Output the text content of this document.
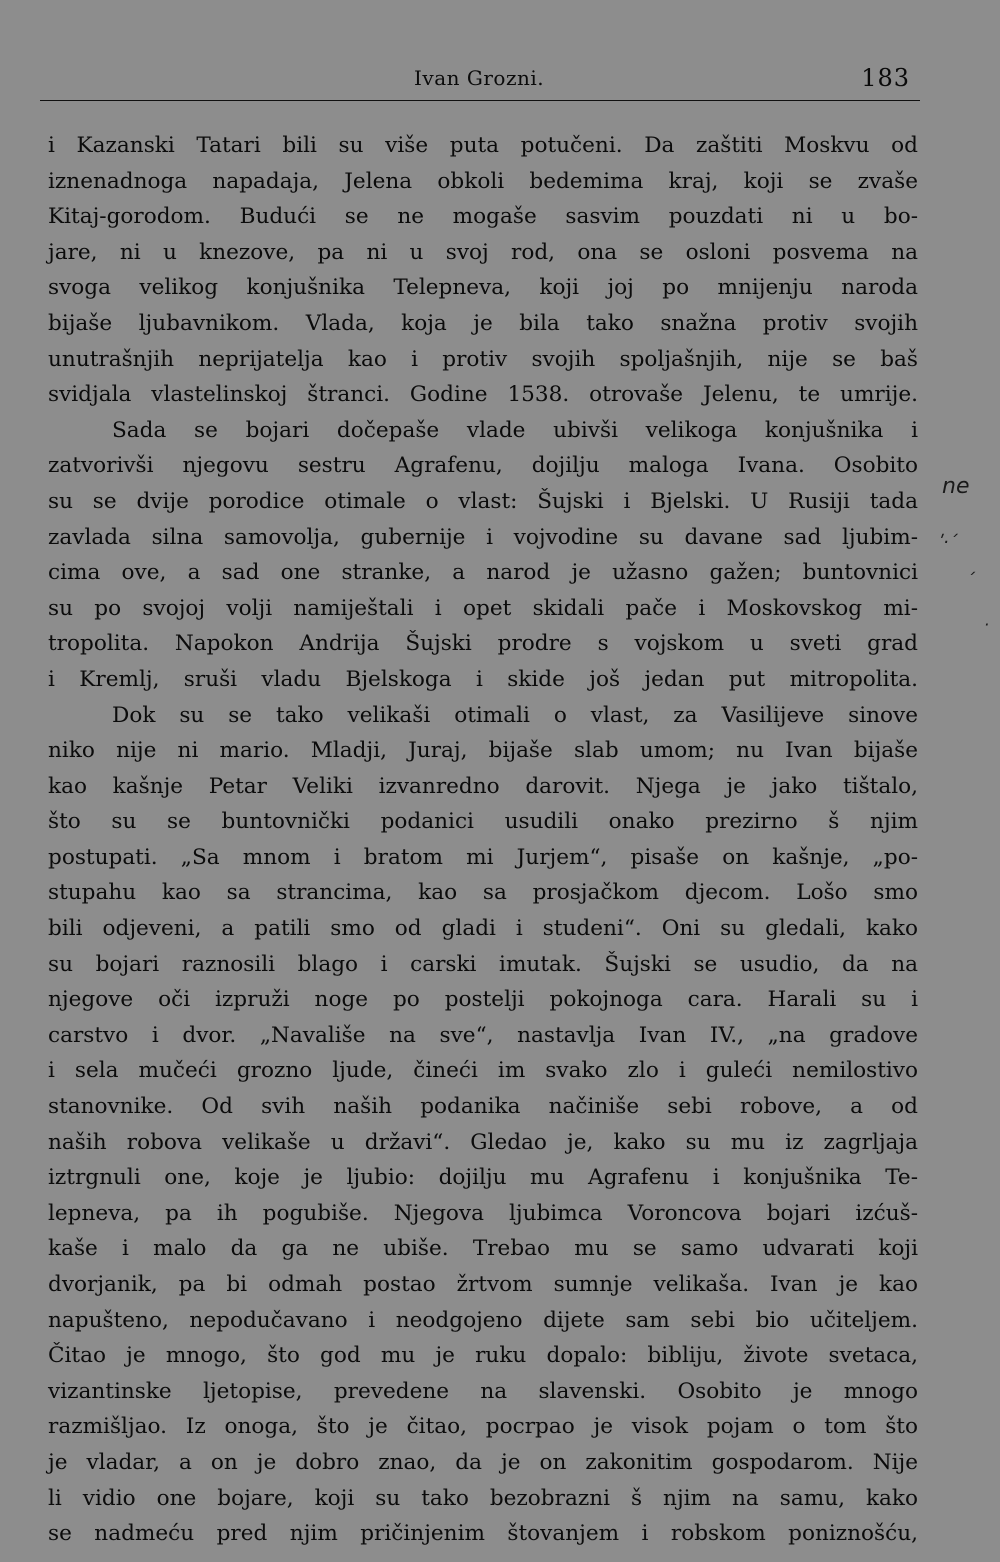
Ivan Grozni.	183
i Kazanski Tatari bili su više puta potučeni. Da zaštiti Moskvu od
iznenadnoga napadaja, Jelena obkoli bedemima kraj, koji se zvaše
Kitaj-gorodom. Budući se ne mogaše sasvim pouzdati ni u bo-
jare, ni u knezove, pa ni u svoj rod, ona se osloni posvema na
svoga velikog konjušnika Telepneva, koji joj po mnijenju naroda
bijaše ljubavnikom. Vlada, koja je bila tako snažna protiv svojih
unutrašnjih neprijatelja kao i protiv svojih spoljašnjih, nije se baš
svidjala vlastelinskoj štranci. Godine 1538. otrovaše Jelenu, te umrije.
Sada se bojari dočepaše vlade ubivši velikoga konjušnika i
zatvorivši njegovu sestru Agrafenu, dojilju maloga Ivana. Osobito
su se dvije porodice otimale o vlast: Šujski i Bjelski. U Rusiji tada
zavlada silna samovolja, gubernije i vojvodine su davane sad ljubim-
cima ove, a sad one stranke, a narod je užasno gažen; buntovnici
su po svojoj volji namiještali i opet skidali pače i Moskovskog mi-
tropolita. Napokon Andrija Šujski prodre s vojskom u sveti grad
i Kremlj, sruši vladu Bjelskoga i skide još jedan put mitropolita.
Dok su se tako velikaši otimali o vlast, za Vasilijeve sinove
niko nije ni mario. Mladji, Juraj, bijaše slab umom; nu Ivan bijaše
kao kašnje Petar Veliki izvanredno darovit. Njega je jako tištalo,
što su se buntovnički podanici usudili onako prezirno š njim
postupati. „Sa mnom i bratom mi Jurjem“, pisaše on kašnje, „po-
stupahu kao sa strancima, kao sa prosjačkom djecom. Lošo smo
bili odjeveni, a patili smo od gladi i studeni“. Oni su gledali, kako
su bojari raznosili blago i carski imutak. Šujski se usudio, da na
njegove oči izpruži noge po postelji pokojnoga cara. Harali su i
carstvo i dvor. „Navališe na sve“, nastavlja Ivan IV., „na gradove
i sela mučeći grozno ljude, čineći im svako zlo i guleći nemilostivo
stanovnike. Od svih naših podanika načiniše sebi robove, a od
naših robova velikaše u državi“. Gledao je, kako su mu iz zagrljaja
iztrgnuli one, koje je ljubio: dojilju mu Agrafenu i konjušnika Te-
lepneva, pa ih pogubiše. Njegova ljubimca Voroncova bojari izćuš-
kaše i malo da ga ne ubiše. Trebao mu se samo udvarati koji
dvorjanik, pa bi odmah postao žrtvom sumnje velikaša. Ivan je kao
napušteno, nepodučavano i neodgojeno dijete sam sebi bio učiteljem.
Čitao je mnogo, što god mu je ruku dopalo: bibliju, živote svetaca,
vizantinske ljetopise, prevedene na slavenski. Osobito je mnogo
razmišljao. Iz onoga, što je čitao, pocrpao je visok pojam o tom što
je vladar, a on je dobro znao, da je on zakonitim gospodarom. Nije
li vidio one bojare, koji su tako bezobrazni š njim na samu, kako
se nadmeću pred njim pričinjenim štovanjem i robskom poniznošću,
ne
ʹ·ˊ
ˊ
·
